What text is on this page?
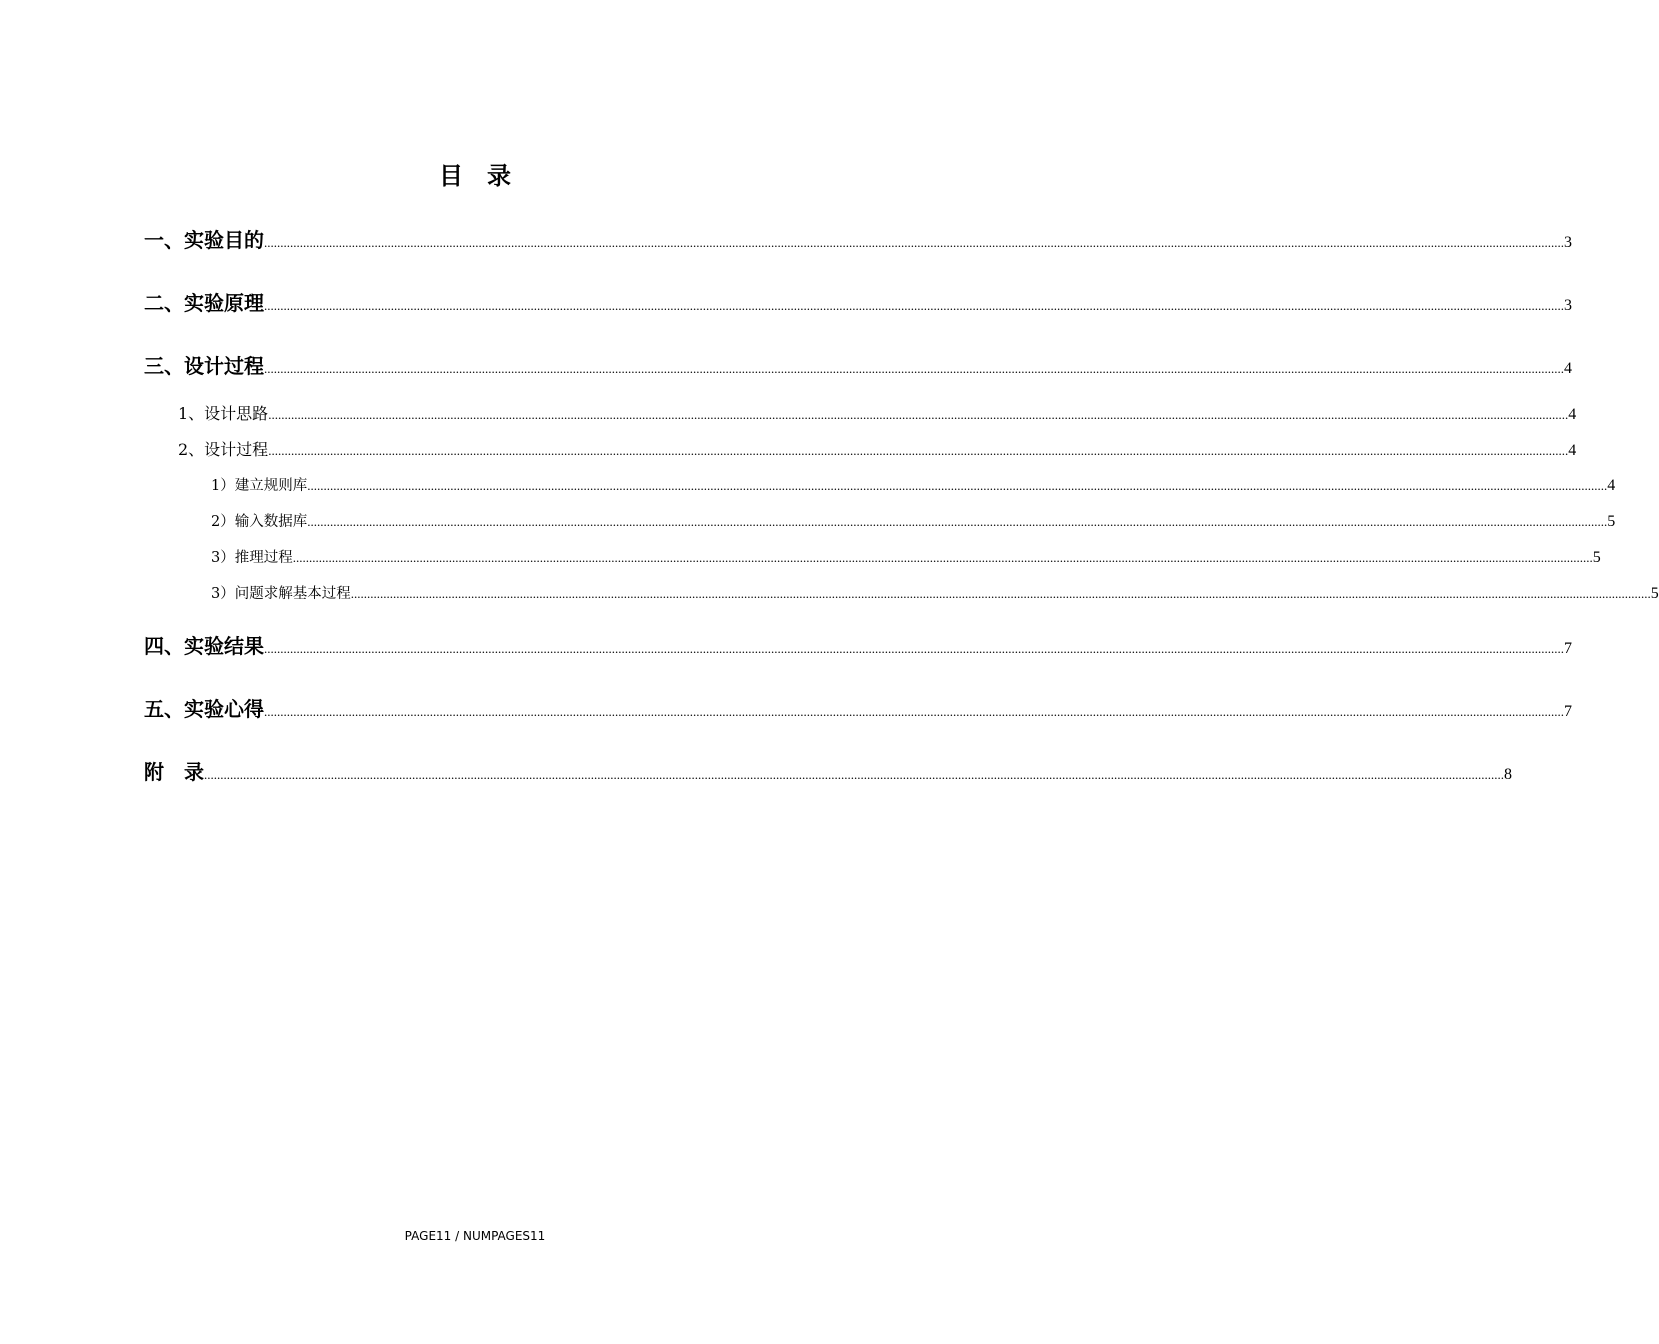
目　录
一、实验目的 ................................................................................................................................................................................................................................................................................................................................................................................................................ 3
二、实验原理 ................................................................................................................................................................................................................................................................................................................................................................................................................ 3
三、设计过程 ................................................................................................................................................................................................................................................................................................................................................................................................................ 4
1、设计思路 ................................................................................................................................................................................................................................................................................................................................................................................................................ 4
2、设计过程 ................................................................................................................................................................................................................................................................................................................................................................................................................ 4
1）建立规则库 ................................................................................................................................................................................................................................................................................................................................................................................................................ 4
2）输入数据库 ................................................................................................................................................................................................................................................................................................................................................................................................................ 5
3）推理过程 ................................................................................................................................................................................................................................................................................................................................................................................................................ 5
3）问题求解基本过程 ................................................................................................................................................................................................................................................................................................................................................................................................................ 5
四、实验结果 ................................................................................................................................................................................................................................................................................................................................................................................................................ 7
五、实验心得 ................................................................................................................................................................................................................................................................................................................................................................................................................ 7
附　录 ................................................................................................................................................................................................................................................................................................................................................................................................................ 8
PAGE11 / NUMPAGES11
